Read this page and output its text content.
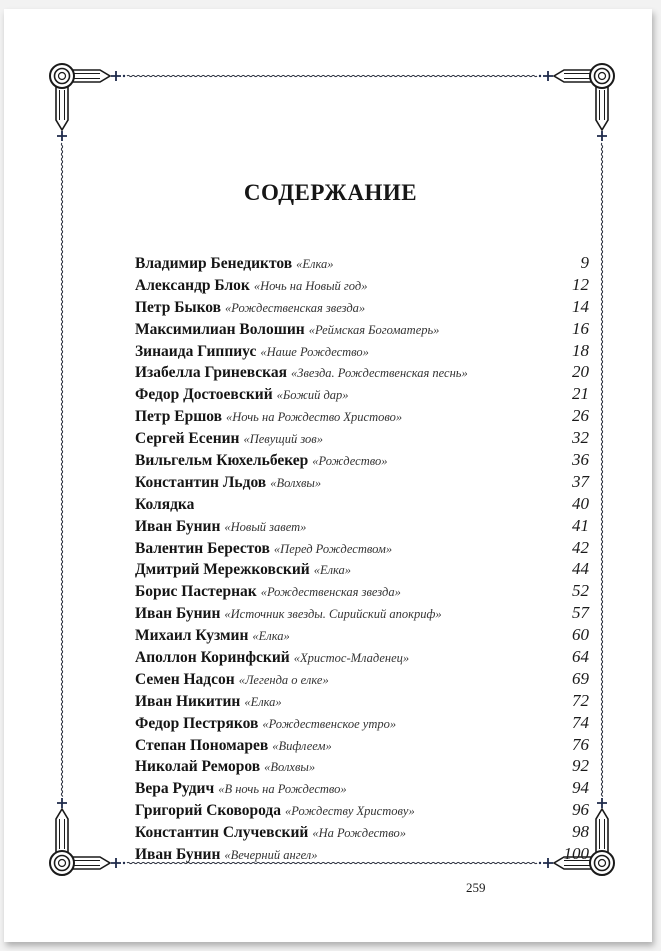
СОДЕРЖАНИЕ
Владимир Бенедиктов «Елка»	9
Александр Блок «Ночь на Новый год»	12
Петр Быков «Рождественская звезда»	14
Максимилиан Волошин «Реймская Богоматерь»	16
Зинаида Гиппиус «Наше Рождество»	18
Изабелла Гриневская «Звезда. Рождественская песнь»	20
Федор Достоевский «Божий дар»	21
Петр Ершов «Ночь на Рождество Христово»	26
Сергей Есенин «Певущий зов»	32
Вильгельм Кюхельбекер «Рождество»	36
Константин Льдов «Волхвы»	37
Колядка	40
Иван Бунин «Новый завет»	41
Валентин Берестов «Перед Рождеством»	42
Дмитрий Мережковский «Елка»	44
Борис Пастернак «Рождественская звезда»	52
Иван Бунин «Источник звезды. Сирийский апокриф»	57
Михаил Кузмин «Елка»	60
Аполлон Коринфский «Христос-Младенец»	64
Семен Надсон «Легенда о елке»	69
Иван Никитин «Елка»	72
Федор Пестряков «Рождественское утро»	74
Степан Пономарев «Вифлеем»	76
Николай Реморов «Волхвы»	92
Вера Рудич «В ночь на Рождество»	94
Григорий Сковорода «Рождеству Христову»	96
Константин Случевский «На Рождество»	98
Иван Бунин «Вечерний ангел»	100
259
